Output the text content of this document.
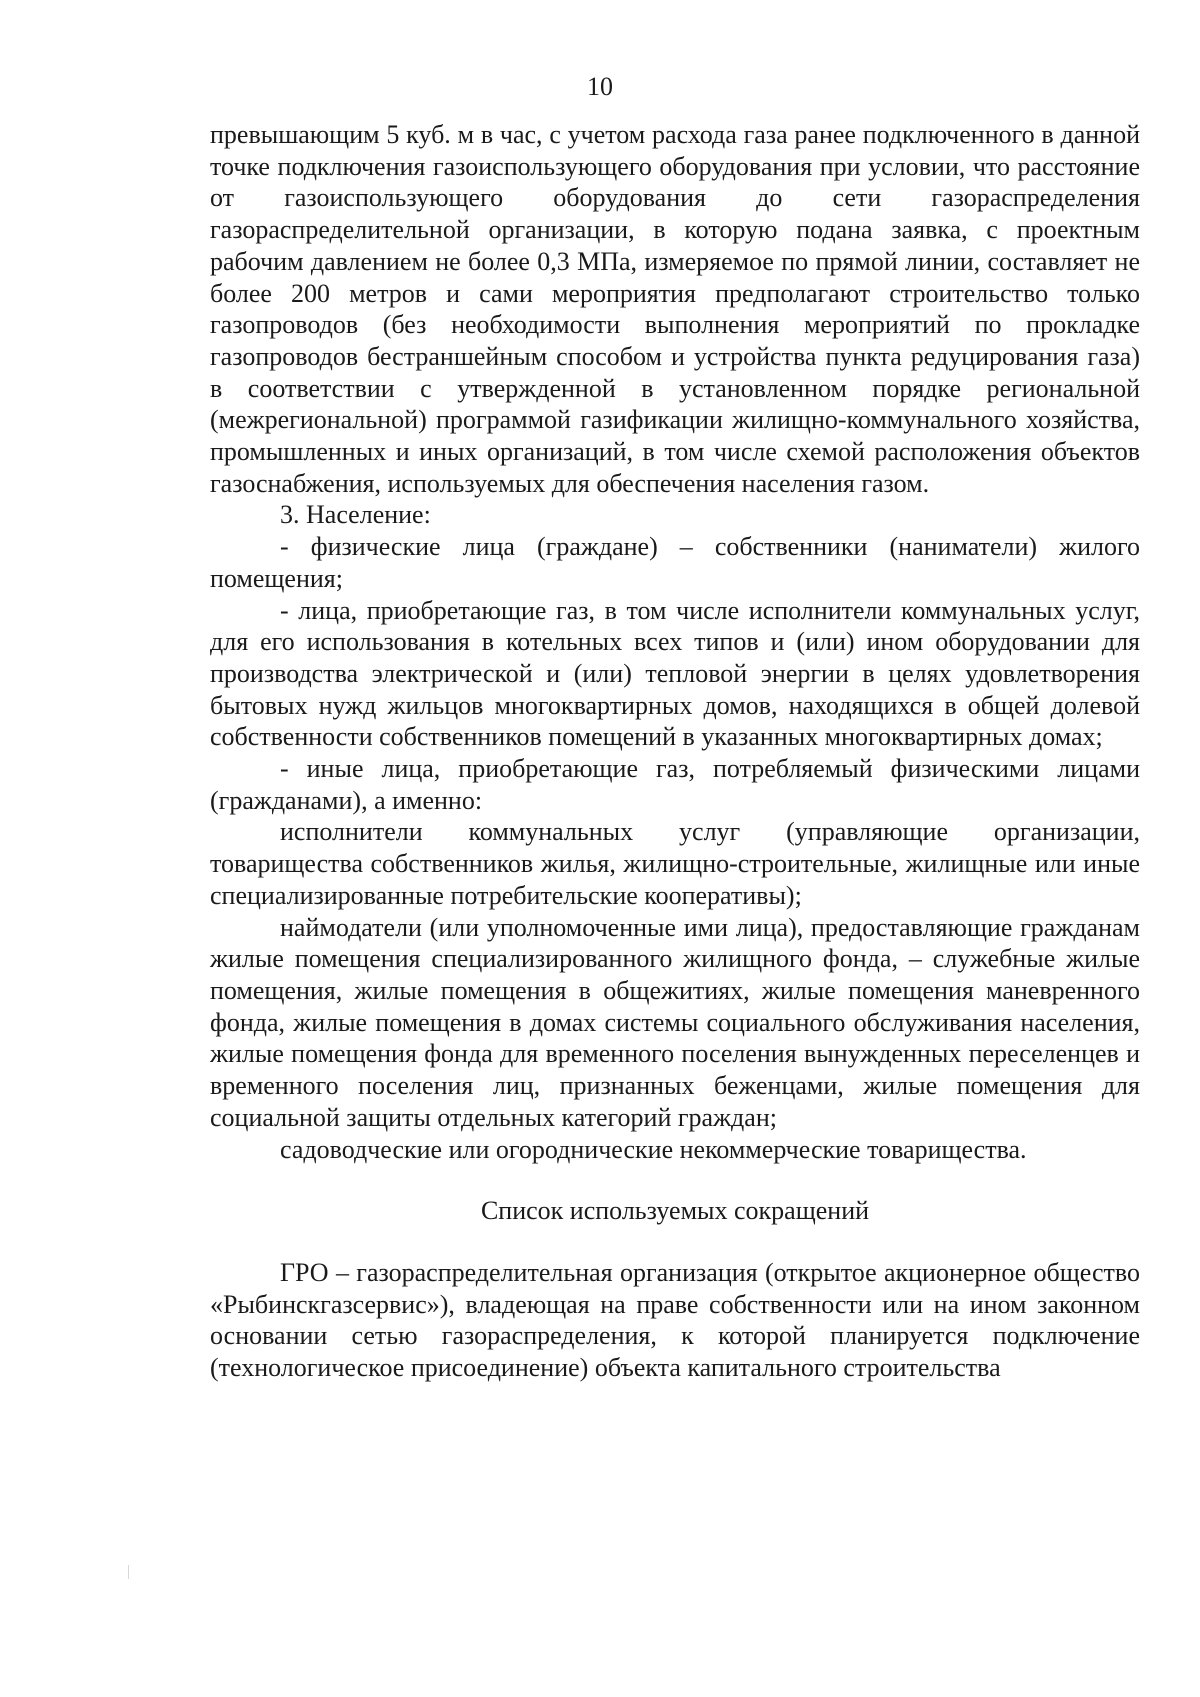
10

превышающим 5 куб. м в час, с учетом расхода газа ранее подключенного в данной точке подключения газоиспользующего оборудования при условии, что расстояние от газоиспользующего оборудования до сети газораспределения газораспределительной организации, в которую подана заявка, с проектным рабочим давлением не более 0,3 МПа, измеряемое по прямой линии, составляет не более 200 метров и сами мероприятия предполагают строительство только газопроводов (без необходимости выполнения мероприятий по прокладке газопроводов бестраншейным способом и устройства пункта редуцирования газа) в соответствии с утвержденной в установленном порядке региональной (межрегиональной) программой газификации жилищно-коммунального хозяйства, промышленных и иных организаций, в том числе схемой расположения объектов газоснабжения, используемых для обеспечения населения газом.

3. Население:

- физические лица (граждане) – собственники (наниматели) жилого помещения;

- лица, приобретающие газ, в том числе исполнители коммунальных услуг, для его использования в котельных всех типов и (или) ином оборудовании для производства электрической и (или) тепловой энергии в целях удовлетворения бытовых нужд жильцов многоквартирных домов, находящихся в общей долевой собственности собственников помещений в указанных многоквартирных домах;

- иные лица, приобретающие газ, потребляемый физическими лицами (гражданами), а именно:

исполнители коммунальных услуг (управляющие организации, товарищества собственников жилья, жилищно-строительные, жилищные или иные специализированные потребительские кооперативы);

наймодатели (или уполномоченные ими лица), предоставляющие гражданам жилые помещения специализированного жилищного фонда, – служебные жилые помещения, жилые помещения в общежитиях, жилые помещения маневренного фонда, жилые помещения в домах системы социального обслуживания населения, жилые помещения фонда для временного поселения вынужденных переселенцев и временного поселения лиц, признанных беженцами, жилые помещения для социальной защиты отдельных категорий граждан;

садоводческие или огороднические некоммерческие товарищества.

Список используемых сокращений

ГРО – газораспределительная организация (открытое акционерное общество «Рыбинскгазсервис»), владеющая на праве собственности или на ином законном основании сетью газораспределения, к которой планируется подключение (технологическое присоединение) объекта капитального строительства
